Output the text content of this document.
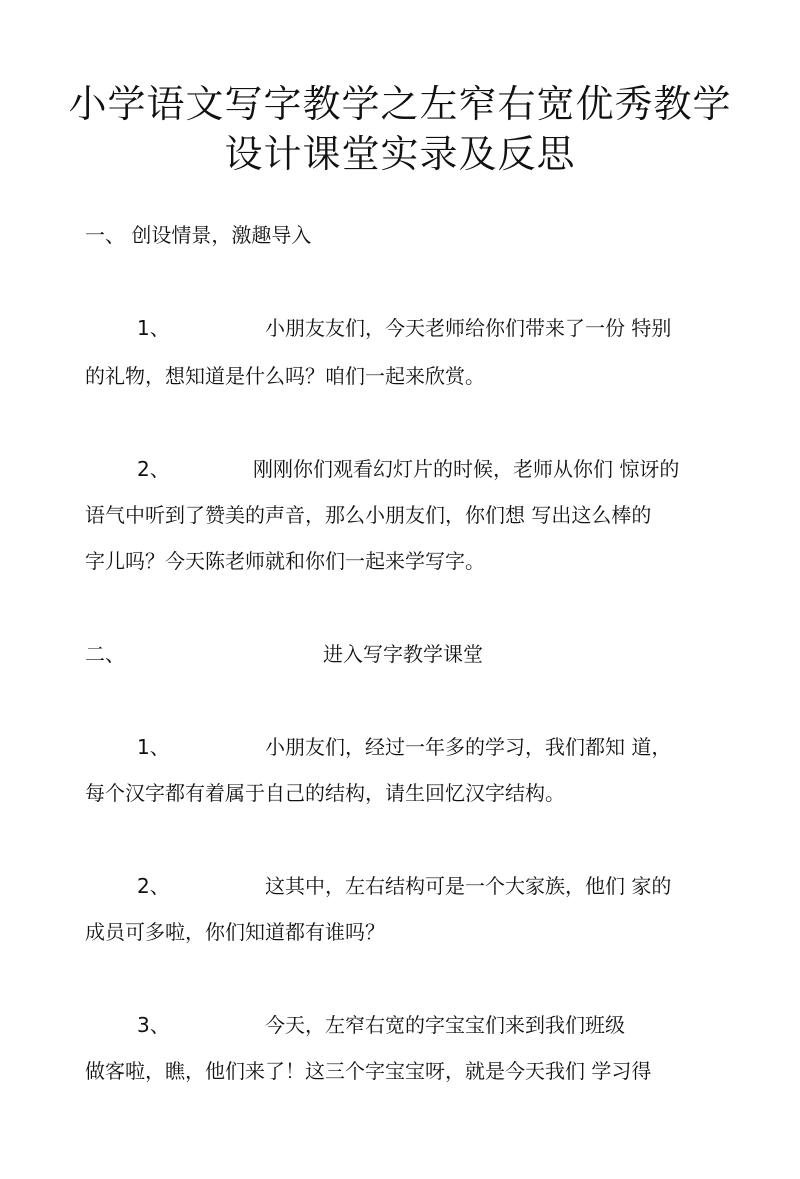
小学语文写字教学之左窄右宽优秀教学
设计课堂实录及反思
一、 创设情景，激趣导入
1、	小朋友友们，今天老师给你们带来了一份 特别
的礼物，想知道是什么吗？咱们一起来欣赏。
2、	刚刚你们观看幻灯片的时候，老师从你们 惊讶的
语气中听到了赞美的声音，那么小朋友们，你们想 写出这么棒的
字儿吗？今天陈老师就和你们一起来学写字。
二、	进入写字教学课堂
1、	小朋友们，经过一年多的学习，我们都知 道，
每个汉字都有着属于自己的结构，请生回忆汉字结构。
2、	这其中，左右结构可是一个大家族，他们 家的
成员可多啦，你们知道都有谁吗？
3、	今天，左窄右宽的字宝宝们来到我们班级
做客啦，瞧，他们来了！这三个字宝宝呀，就是今天我们 学习得
